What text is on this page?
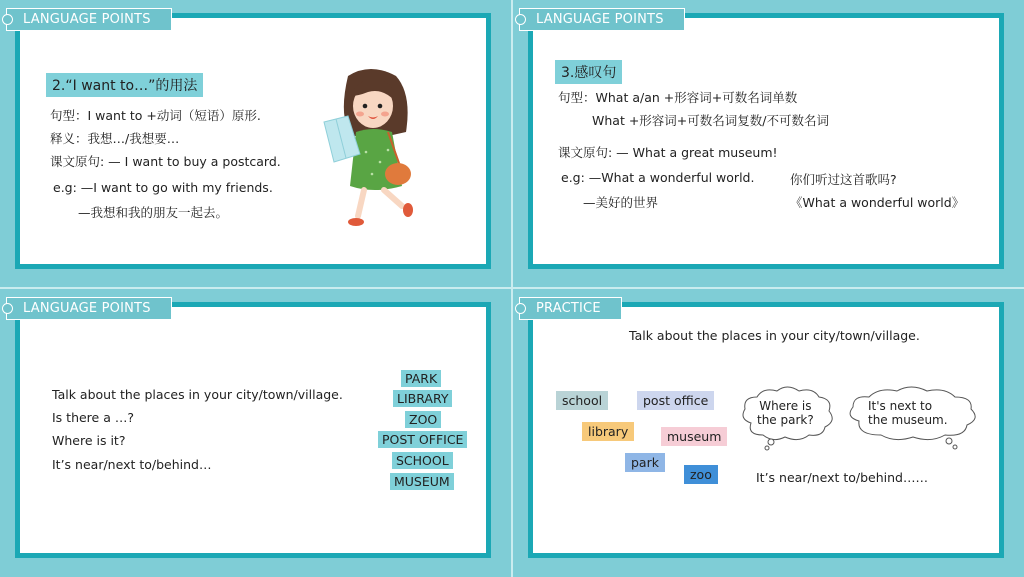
LANGUAGE POINTS
2.“I want to…”的用法
句型：I want to +动词（短语）原形.
释义：我想…/我想要…
课文原句: — I want to buy a postcard.
e.g: —I want to go with my friends.
—我想和我的朋友一起去。
LANGUAGE POINTS
3.感叹句
句型：What a/an +形容词+可数名词单数
What +形容词+可数名词复数/不可数名词
课文原句: — What a great museum!
e.g: —What a wonderful world.
—美好的世界
你们听过这首歌吗?
《What a wonderful world》
LANGUAGE POINTS
Talk about the places in your city/town/village.
Is there a …?
Where is it?
It’s near/next to/behind…
PARK
LIBRARY
ZOO
POST OFFICE
SCHOOL
MUSEUM
PRACTICE
Talk about the places in your city/town/village.
school	post office
library	museum
park
zoo
Where is
the park?
It's next to
the museum.
It’s near/next to/behind……
